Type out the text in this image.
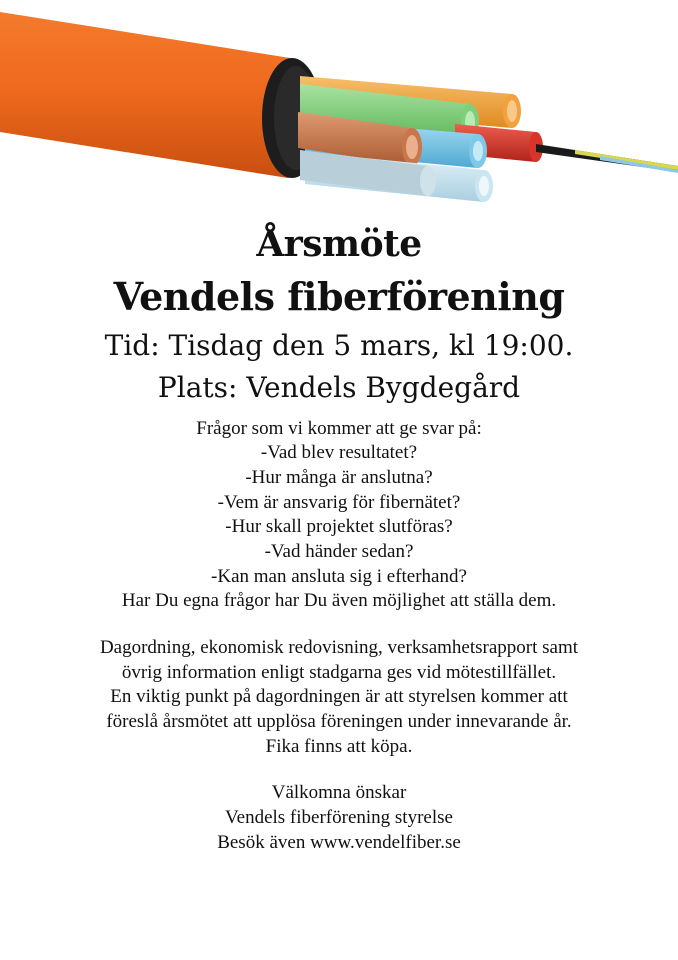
Årsmöte
Vendels fiberförening

Tid: Tisdag den 5 mars, kl 19:00.

Plats: Vendels Bygdegård

Frågor som vi kommer att ge svar på:
-Vad blev resultatet?
-Hur många är anslutna?
-Vem är ansvarig för fibernätet?
-Hur skall projektet slutföras?
-Vad händer sedan?
-Kan man ansluta sig i efterhand?
Har Du egna frågor har Du även möjlighet att ställa dem.

Dagordning, ekonomisk redovisning, verksamhetsrapport samt
övrig information enligt stadgarna ges vid mötestillfället.
En viktig punkt på dagordningen är att styrelsen kommer att
föreslå årsmötet att upplösa föreningen under innevarande år.
Fika finns att köpa.

Välkomna önskar
Vendels fiberförening styrelse
Besök även www.vendelfiber.se
